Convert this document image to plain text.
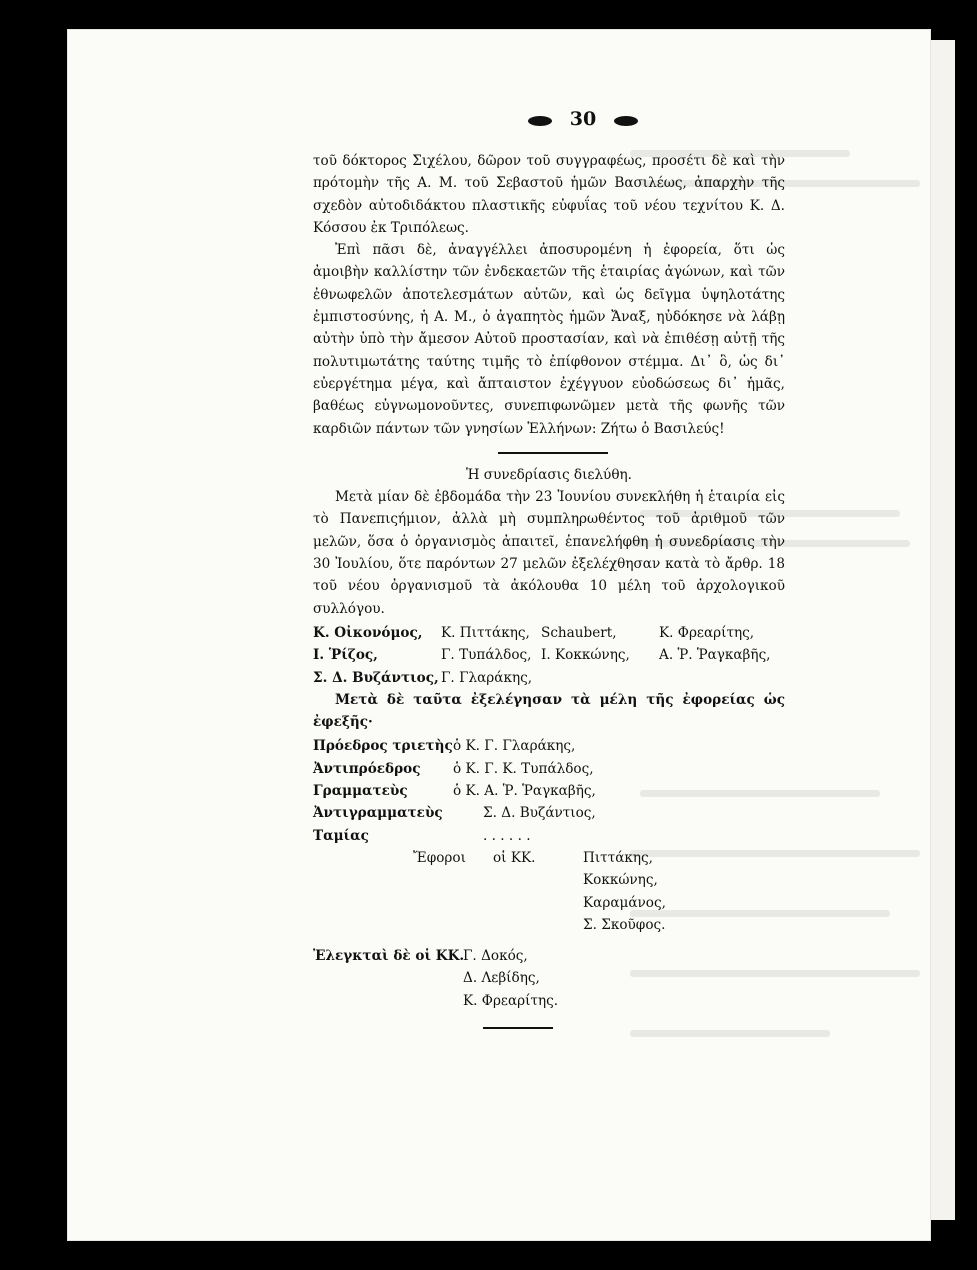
30

τοῦ δόκτορος Σιχέλου, δῶρον τοῦ συγγραφέως, προσέτι δὲ καὶ τὴν πρότομὴν τῆς Α. Μ. τοῦ Σεβαστοῦ ἡμῶν Βασιλέως, ἀπαρχὴν τῆς σχεδὸν αὐτοδιδάκτου πλαστικῆς εὐφυΐας τοῦ νέου τεχνίτου Κ. Δ. Κόσσου ἐκ Τριπόλεως.

Ἐπὶ πᾶσι δὲ, ἀναγγέλλει ἀποσυρομένη ἡ ἐφορεία, ὅτι ὡς ἀμοιβὴν καλλίστην τῶν ἐνδεκαετῶν τῆς ἑταιρίας ἀγώνων, καὶ τῶν ἐθνωφελῶν ἀποτελεσμάτων αὐτῶν, καὶ ὡς δεῖγμα ὑψηλοτάτης ἐμπιστοσύνης, ἡ Α. Μ., ὁ ἀγαπητὸς ἡμῶν Ἄναξ, ηὐδόκησε νὰ λάβῃ αὐτὴν ὑπὸ τὴν ἄμεσον Αὐτοῦ προστασίαν, καὶ νὰ ἐπιθέσῃ αὐτῇ τῆς πολυτιμωτάτης ταύτης τιμῆς τὸ ἐπίφθονον στέμμα. Δι᾽ ὃ, ὡς δι᾽ εὐεργέτημα μέγα, καὶ ἄπταιστον ἐχέγγυον εὐοδώσεως δι᾽ ἡμᾶς, βαθέως εὐγνωμονοῦντες, συνεπιφωνῶμεν μετὰ τῆς φωνῆς τῶν καρδιῶν πάντων τῶν γνησίων Ἑλλήνων: Ζήτω ὁ Βασιλεύς!

Ἡ συνεδρίασις διελύθη.

Μετὰ μίαν δὲ ἑβδομάδα τὴν 23 Ἰουνίου συνεκλήθη ἡ ἑταιρία εἰς τὸ Πανεπιςήμιον, ἀλλὰ μὴ συμπληρωθέντος τοῦ ἀριθμοῦ τῶν μελῶν, ὅσα ὁ ὀργανισμὸς ἀπαιτεῖ, ἐπανελήφθη ἡ συνεδρίασις τὴν 30 Ἰουλίου, ὅτε παρόντων 27 μελῶν ἐξελέχθησαν κατὰ τὸ ἄρθρ. 18 τοῦ νέου ὀργανισμοῦ τὰ ἀκόλουθα 10 μέλη τοῦ ἀρχολογικοῦ συλλόγου.

Κ. Οἰκονόμος,	Κ. Πιττάκης, Schaubert,	Κ. Φρεαρίτης,
Ι. Ῥίζος,	Γ. Τυπάλδος, Ι. Κοκκώνης,	Α. Ῥ. Ῥαγκαβῆς,
Σ. Δ. Βυζάντιος, Γ. Γλαράκης,

Μετὰ δὲ ταῦτα ἐξελέγησαν τὰ μέλη τῆς ἐφορείας ὡς ἐφεξῆς·

Πρόεδρος τριετὴς ὁ Κ. Γ. Γλαράκης,
Ἀντιπρόεδρος	ὁ Κ. Γ. Κ. Τυπάλδος,
Γραμματεὺς	ὁ Κ. Α. Ῥ. Ῥαγκαβῆς,
Ἀντιγραμματεὺς	Σ. Δ. Βυζάντιος,
Ταμίας	. . . . . .
Ἔφοροι οἱ ΚΚ.	Πιττάκης,
Κοκκώνης,
Καραμάνος,
Σ. Σκοῦφος.
Ἐλεγκταὶ δὲ οἱ ΚΚ.
Γ. Δοκός,
Δ. Λεβίδης,
Κ. Φρεαρίτης.
